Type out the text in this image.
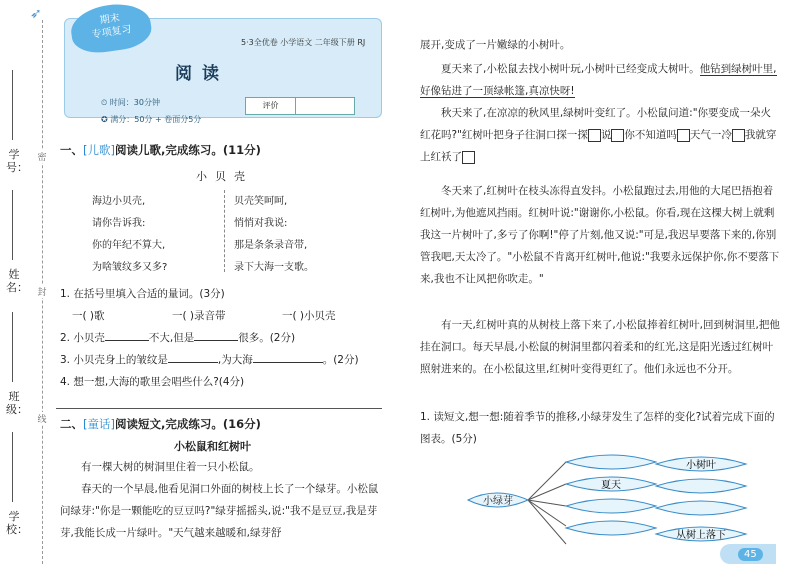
➶
学号：
姓名：
班级：
学校：
密
封
线
期末
专项复习
5·3全优卷 小学语文 二年级下册 RJ
阅读
⏲ 时间：30分钟
✪ 满分：50分 + 卷面分5分
评价
一、[儿歌]阅读儿歌,完成练习。(11分)
小贝壳
海边小贝壳,
请你告诉我:
你的年纪不算大,
为啥皱纹多又多?
贝壳笑呵呵,
悄悄对我说:
那是条条录音带,
录下大海一支歌。
1. 在括号里填入合适的量词。(3分)
一( )歌	一( )录音带	一( )小贝壳
2. 小贝壳	不大,但是	很多。(2分)
3. 小贝壳身上的皱纹是	,为大海	。(2分)
4. 想一想,大海的歌里会唱些什么?(4分)
二、[童话]阅读短文,完成练习。(16分)
小松鼠和红树叶
　　有一棵大树的树洞里住着一只小松鼠。
　　春天的一个早晨,他看见洞口外面的树枝上长了一个绿芽。小松鼠问绿芽:"你是一颗能吃的豆豆吗?"绿芽摇摇头,说:"我不是豆豆,我是芽芽,我能长成一片绿叶。"天气越来越暖和,绿芽舒
展开,变成了一片嫩绿的小树叶。
　　夏天来了,小松鼠去找小树叶玩,小树叶已经变成大树叶。他钻到绿树叶里,好像钻进了一顶绿帐篷,真凉快呀!
　　秋天来了,在凉凉的秋风里,绿树叶变红了。小松鼠问道:"你要变成一朵火红花吗?"红树叶把身子往洞口探一探 说 你不知道吗 天气一冷 我就穿上红袄了
　　冬天来了,红树叶在枝头冻得直发抖。小松鼠跑过去,用他的大尾巴捂抱着红树叶,为他遮风挡雨。红树叶说:"谢谢你,小松鼠。你看,现在这棵大树上就剩我这一片树叶了,多亏了你啊!"停了片刻,他又说:"可是,我迟早要落下来的,你别管我吧,天太冷了。"小松鼠不肯离开红树叶,他说:"我要永远保护你,你不要落下来,我也不让风把你吹走。"
　　有一天,红树叶真的从树枝上落下来了,小松鼠捧着红树叶,回到树洞里,把他挂在洞口。每天早晨,小松鼠的树洞里都闪着柔和的红光,这是阳光透过红树叶照射进来的。在小松鼠这里,红树叶变得更红了。他们永远也不分开。
1. 读短文,想一想:随着季节的推移,小绿芽发生了怎样的变化?试着完成下面的图表。(5分)
小绿芽
小树叶
夏天
从树上落下
45
